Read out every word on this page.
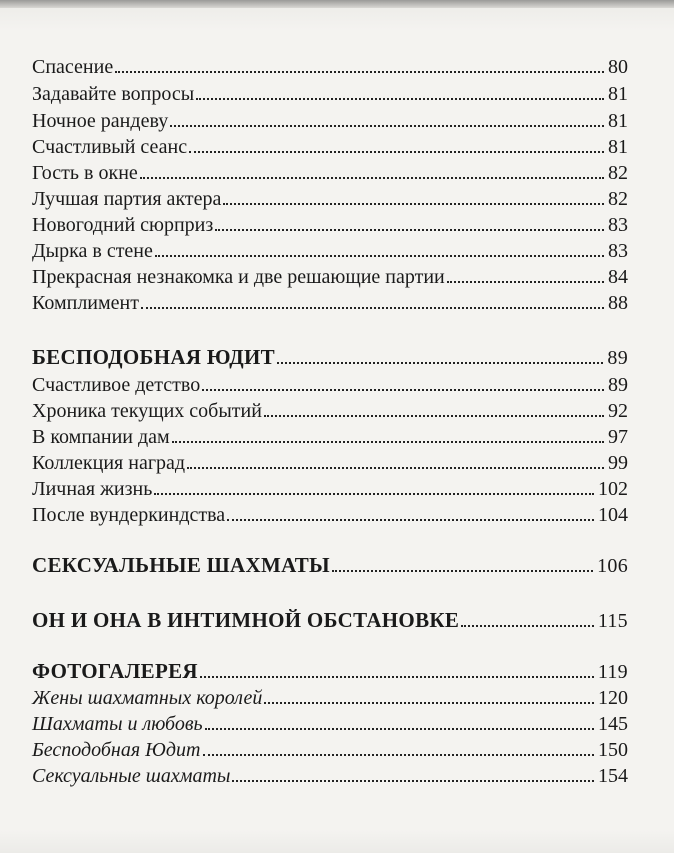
Спасение	80
Задавайте вопросы	81
Ночное рандеву	81
Счастливый сеанс	81
Гость в окне	82
Лучшая партия актера	82
Новогодний сюрприз	83
Дырка в стене	83
Прекрасная незнакомка и две решающие партии	84
Комплимент	88
БЕСПОДОБНАЯ ЮДИТ	89
Счастливое детство	89
Хроника текущих событий	92
В компании дам	97
Коллекция наград	99
Личная жизнь	102
После вундеркиндства	104
СЕКСУАЛЬНЫЕ ШАХМАТЫ	106
ОН И ОНА В ИНТИМНОЙ ОБСТАНОВКЕ	115
ФОТОГАЛЕРЕЯ	119
Жены шахматных королей	120
Шахматы и любовь	145
Бесподобная Юдит	150
Сексуальные шахматы	154
